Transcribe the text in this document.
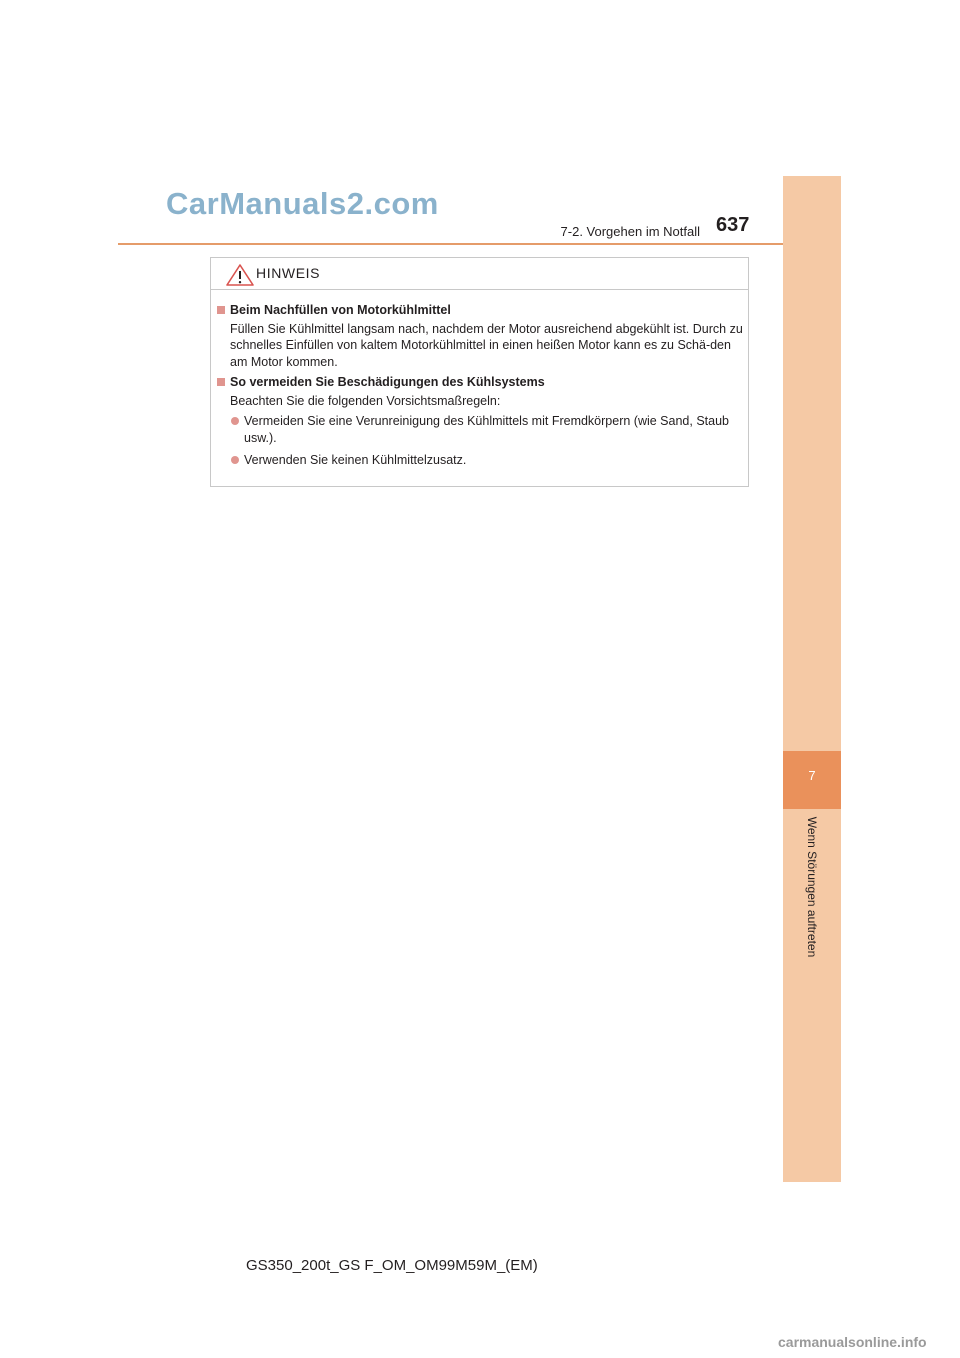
CarManuals2.com
7-2. Vorgehen im Notfall 637
7
Wenn Störungen auftreten
HINWEIS
Beim Nachfüllen von Motorkühlmittel
Füllen Sie Kühlmittel langsam nach, nachdem der Motor ausreichend abgekühlt ist. Durch zu schnelles Einfüllen von kaltem Motorkühlmittel in einen heißen Motor kann es zu Schä-den am Motor kommen.
So vermeiden Sie Beschädigungen des Kühlsystems
Beachten Sie die folgenden Vorsichtsmaßregeln:
Vermeiden Sie eine Verunreinigung des Kühlmittels mit Fremdkörpern (wie Sand, Staub usw.).
Verwenden Sie keinen Kühlmittelzusatz.
GS350_200t_GS F_OM_OM99M59M_(EM)
carmanualsonline.info
